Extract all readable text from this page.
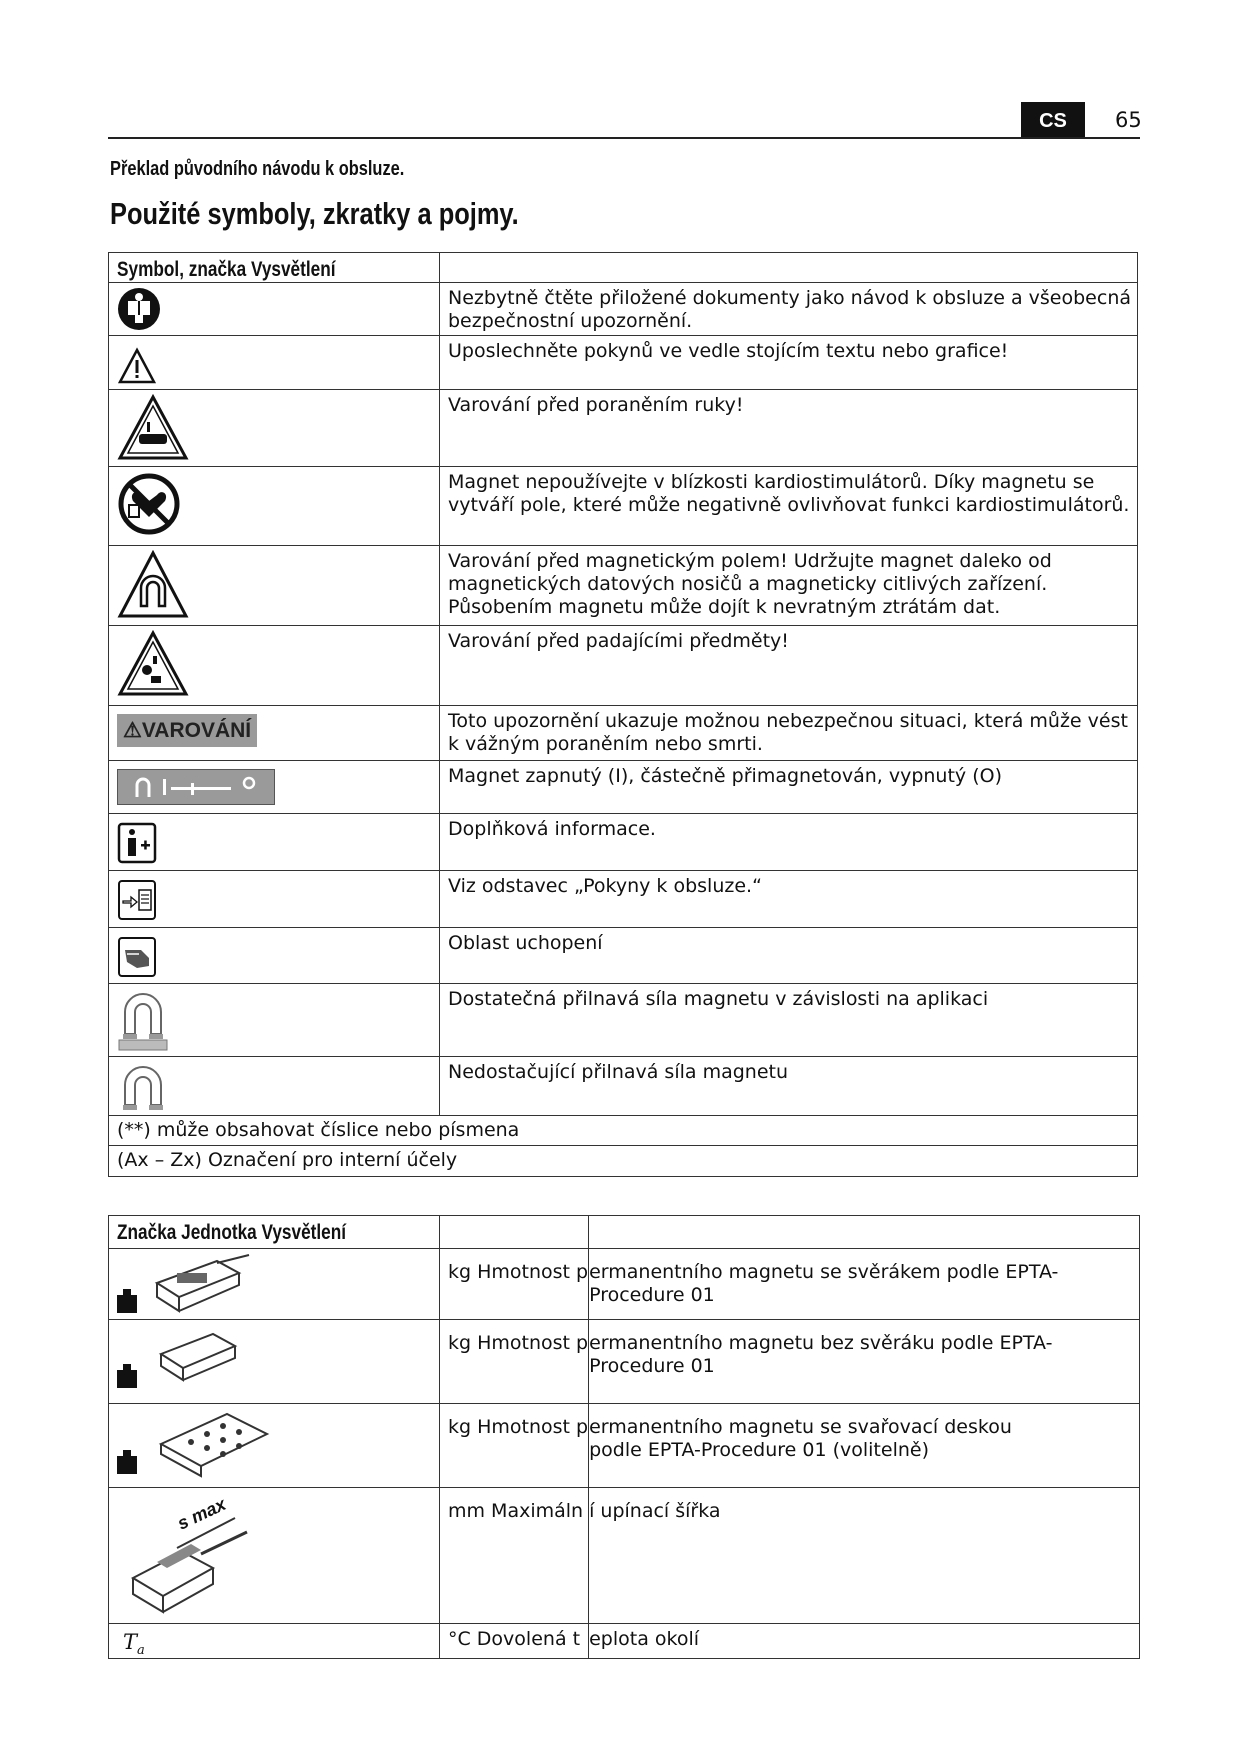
CS	65
Překlad původního návodu k obsluze.
Použité symboly, zkratky a pojmy.
Symbol, značka Vysvětlení	

	Nezbytně čtěte přiložené dokumenty jako návod k obsluze a všeobecná bezpečnostní upozornění.

	Uposlechněte pokynů ve vedle stojícím textu nebo grafice!

	Varování před poraněním ruky!

	Magnet nepoužívejte v blízkosti kardiostimulátorů. Díky magnetu se vytváří pole, které může negativně ovlivňovat funkci kardiostimulátorů.

	Varování před magnetickým polem! Udržujte magnet daleko od magnetických datových nosičů a magneticky citlivých zařízení. Působením magnetu může dojít k nevratným ztrátám dat.

	Varování před padajícími předměty!
⚠VAROVÁNÍ	Toto upozornění ukazuje možnou nebezpečnou situaci, která může vést k vážným poraněním nebo smrti.

	Magnet zapnutý (I), částečně přimagnetován, vypnutý (O)

	Doplňková informace.

	Viz odstavec „Pokyny k obsluze.“

	Oblast uchopení

	Dostatečná přilnavá síla magnetu v závislosti na aplikaci

	Nedostačující přilnavá síla magnetu
(**) může obsahovat číslice nebo písmena	
(Ax – Zx) Označení pro interní účely	
Značka Jednotka Vysvětlení		

	kg Hmotnost p	ermanentního magnetu se svěrákem podle EPTA-
Procedure 01

	kg Hmotnost p	ermanentního magnetu bez svěráku podle EPTA-
Procedure 01

	kg Hmotnost p	ermanentního magnetu se svařovací deskou
podle EPTA-Procedure 01 (volitelně)

s max	mm Maximáln	í upínací šířka

$T_a$	°C Dovolená t	eplota okolí
